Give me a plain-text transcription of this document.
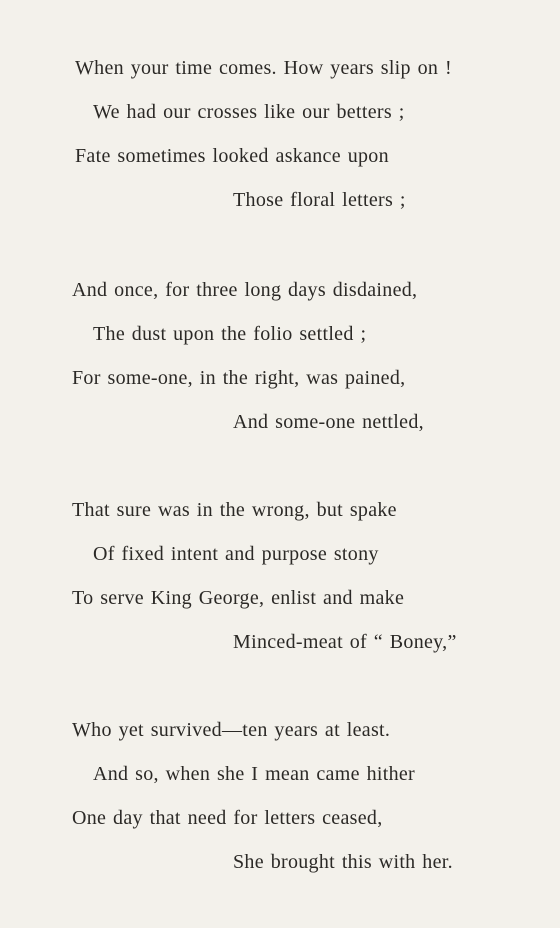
When your time comes. How years slip on !
We had our crosses like our betters ;
Fate sometimes looked askance upon
Those floral letters ;
And once, for three long days disdained,
The dust upon the folio settled ;
For some-one, in the right, was pained,
And some-one nettled,
That sure was in the wrong, but spake
Of fixed intent and purpose stony
To serve King George, enlist and make
Minced-meat of “ Boney,”
Who yet survived—ten years at least.
And so, when she I mean came hither
One day that need for letters ceased,
She brought this with her.
